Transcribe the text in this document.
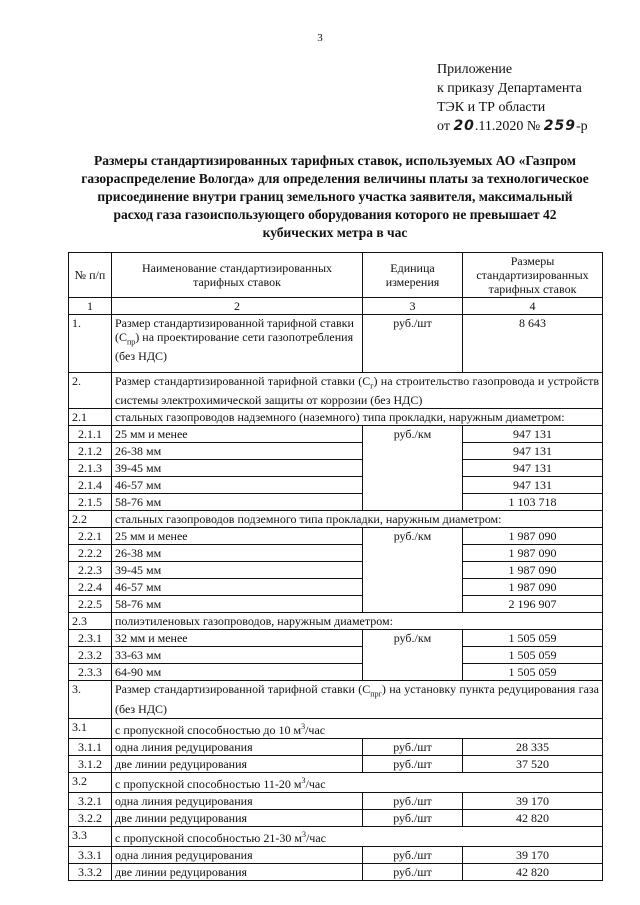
3
Приложение
к приказу Департамента
ТЭК и ТР области
от 20.11.2020 № 259-р
Размеры стандартизированных тарифных ставок, используемых АО «Газпром газораспределение Вологда» для определения величины платы за технологическое присоединение внутри границ земельного участка заявителя, максимальный расход газа газоиспользующего оборудования которого не превышает 42 кубических метра в час
№ п/п	Наименование стандартизированных тарифных ставок	Единица измерения	Размеры стандартизированных тарифных ставок
1	2	3	4
1.	Размер стандартизированной тарифной ставки $(С_{пр})$ на проектирование сети газопотребления (без НДС)	руб./шт	8 643
2.	Размер стандартизированной тарифной ставки $(С_г)$ на строительство газопровода и устройств системы электрохимической защиты от коррозии (без НДС)		
2.1	стальных газопроводов надземного (наземного) типа прокладки, наружным диаметром:		
2.1.1	25 мм и менее	руб./км	947 131
2.1.2	26-38 мм		947 131
2.1.3	39-45 мм		947 131
2.1.4	46-57 мм		947 131
2.1.5	58-76 мм		1 103 718
2.2	стальных газопроводов подземного типа прокладки, наружным диаметром:		
2.2.1	25 мм и менее	руб./км	1 987 090
2.2.2	26-38 мм		1 987 090
2.2.3	39-45 мм		1 987 090
2.2.4	46-57 мм		1 987 090
2.2.5	58-76 мм		2 196 907
2.3	полиэтиленовых газопроводов, наружным диаметром:		
2.3.1	32 мм и менее	руб./км	1 505 059
2.3.2	33-63 мм		1 505 059
2.3.3	64-90 мм		1 505 059
3.	Размер стандартизированной тарифной ставки $(С_{прг})$ на установку пункта редуцирования газа (без НДС)		
3.1	с пропускной способностью до 10 $м^3$/час		
3.1.1	одна линия редуцирования	руб./шт	28 335
3.1.2	две линии редуцирования	руб./шт	37 520
3.2	с пропускной способностью 11-20 $м^3$/час		
3.2.1	одна линия редуцирования	руб./шт	39 170
3.2.2	две линии редуцирования	руб./шт	42 820
3.3	с пропускной способностью 21-30 $м^3$/час		
3.3.1	одна линия редуцирования	руб./шт	39 170
3.3.2	две линии редуцирования	руб./шт	42 820
